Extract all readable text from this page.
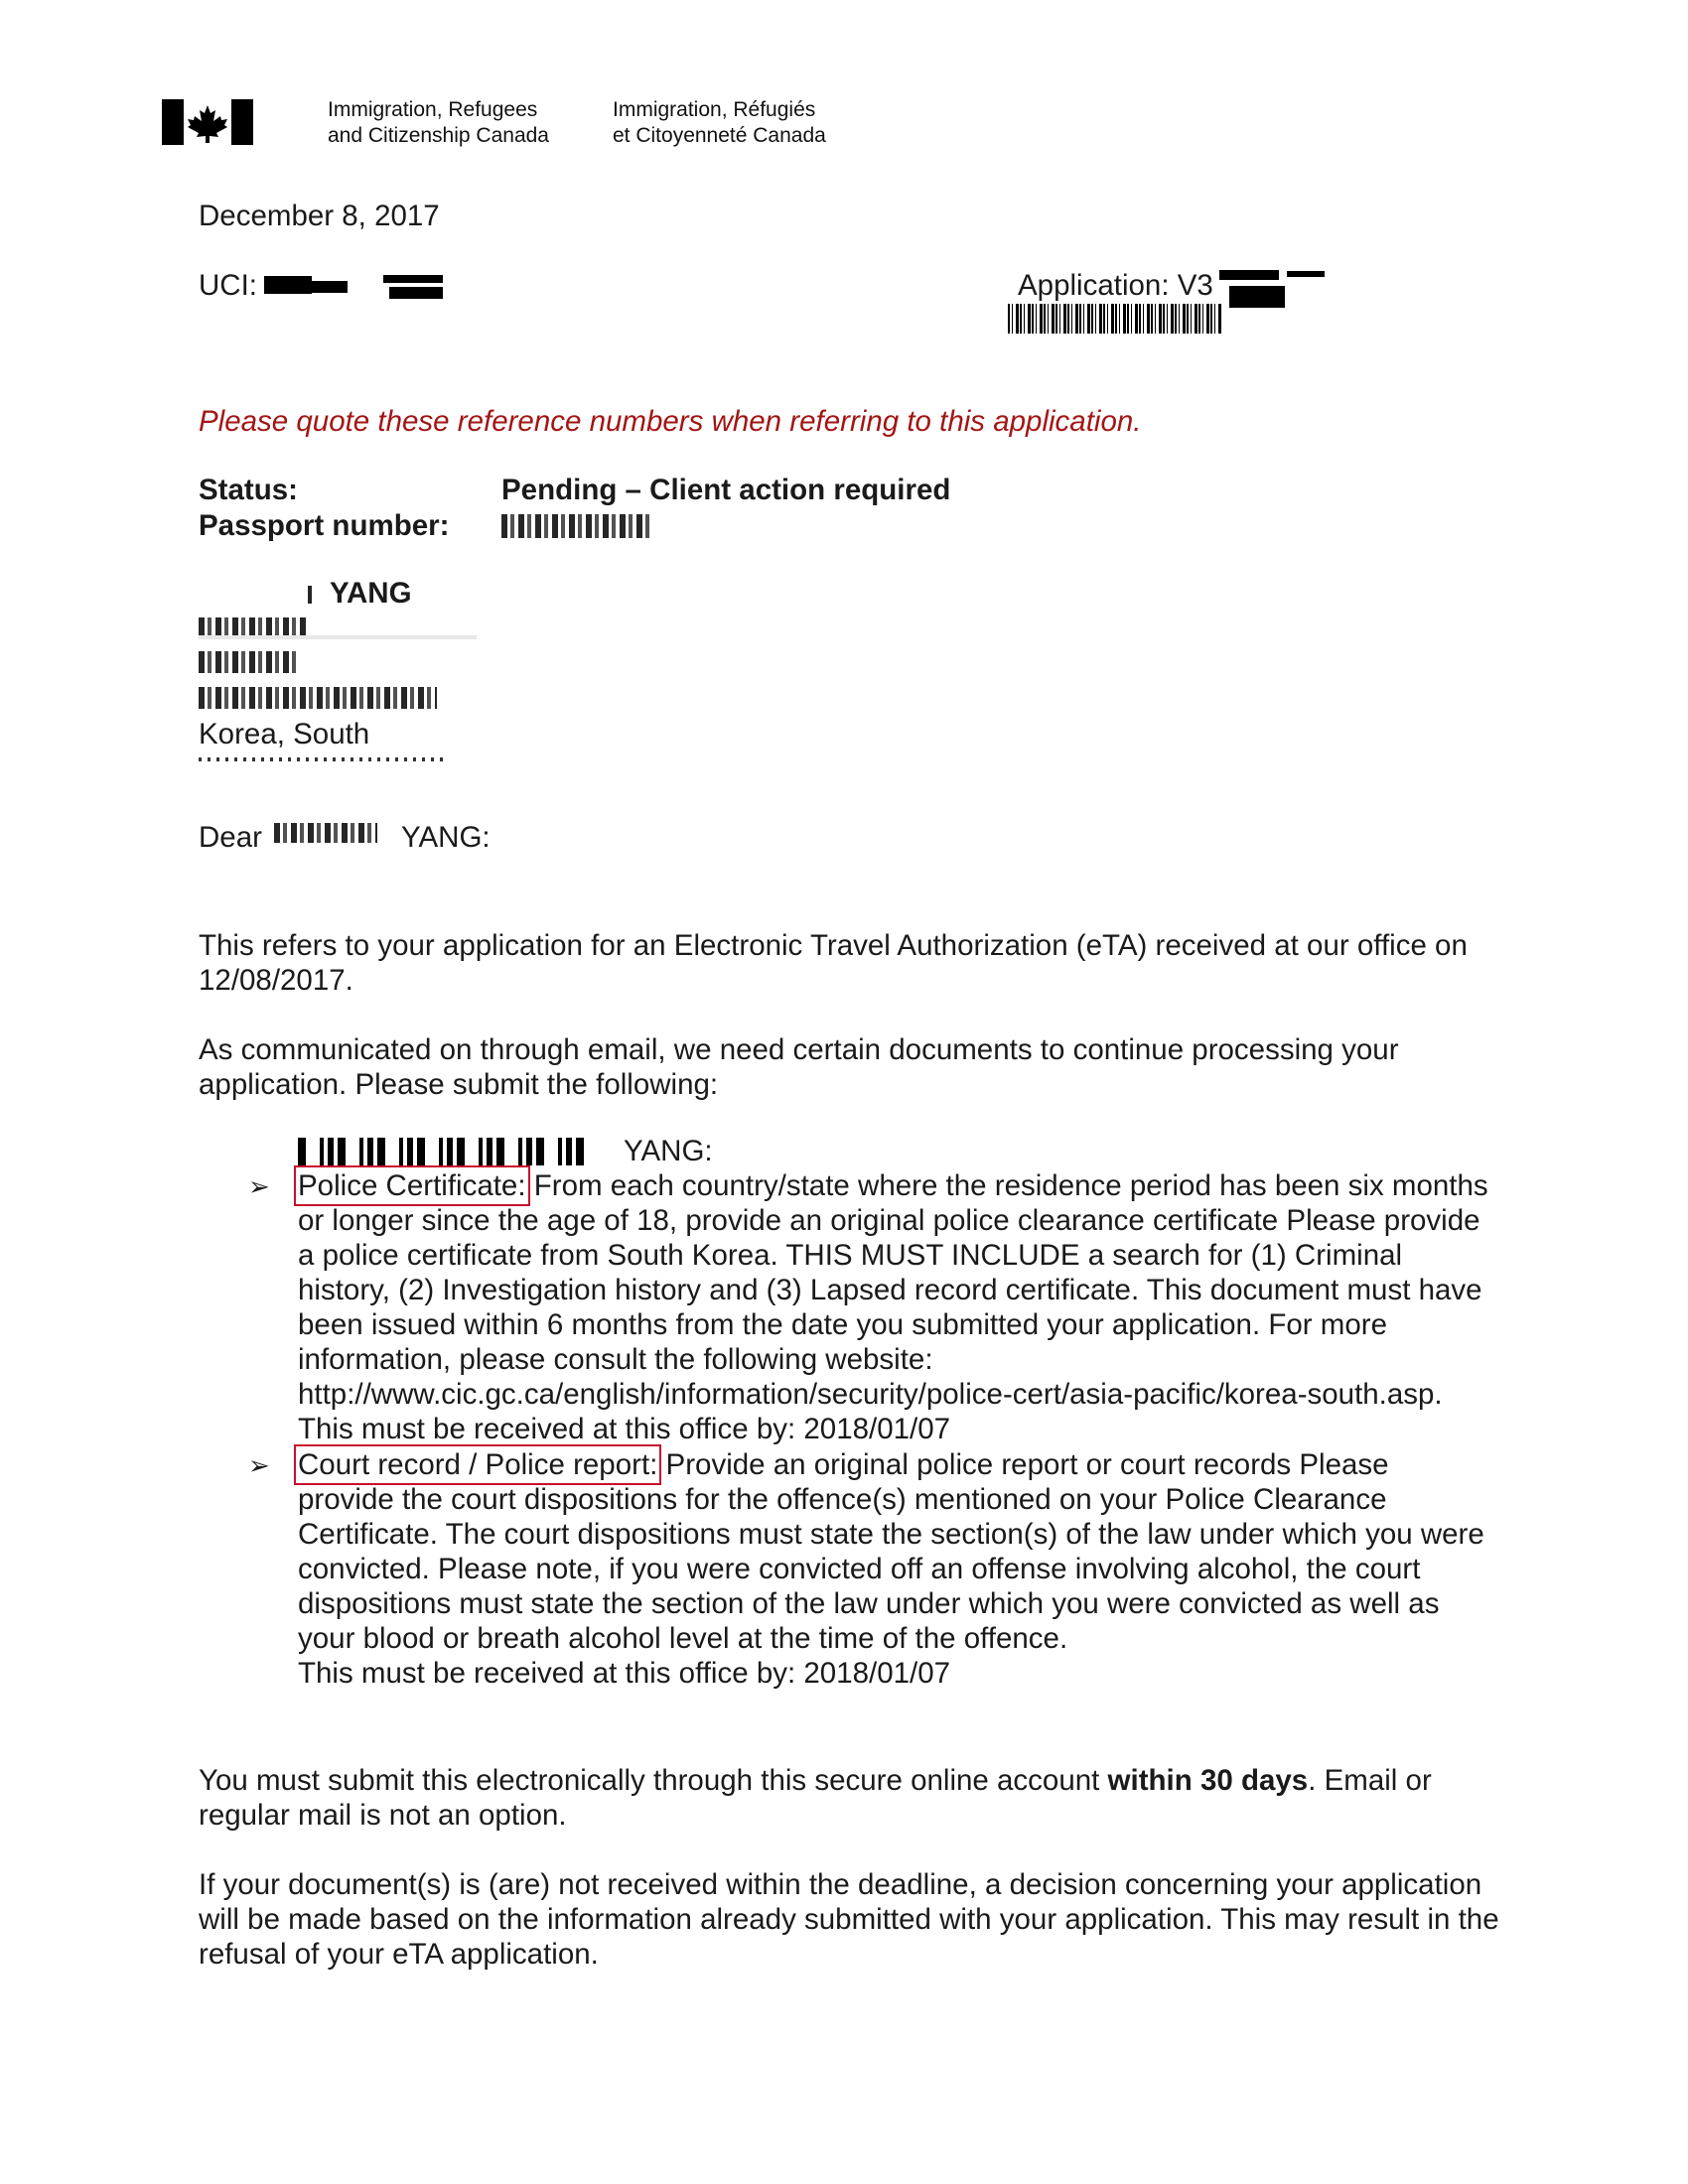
Immigration, Refugees
and Citizenship Canada
Immigration, Réfugiés
et Citoyenneté Canada
December 8, 2017
UCI:	Application: V3
Please quote these reference numbers when referring to this application.
Status:	Pending – Client action required
Passport number:
YANG
Korea, South
Dear	YANG:
This refers to your application for an Electronic Travel Authorization (eTA) received at our office on 12/08/2017.
As communicated on through email, we need certain documents to continue processing your application. Please submit the following:
YANG:
➢ Police Certificate: From each country/state where the residence period has been six months or longer since the age of 18, provide an original police clearance certificate Please provide a police certificate from South Korea. THIS MUST INCLUDE a search for (1) Criminal history, (2) Investigation history and (3) Lapsed record certificate. This document must have been issued within 6 months from the date you submitted your application. For more information, please consult the following website: http://www.cic.gc.ca/english/information/security/police-cert/asia-pacific/korea-south.asp.
This must be received at this office by: 2018/01/07
➢ Court record / Police report: Provide an original police report or court records Please provide the court dispositions for the offence(s) mentioned on your Police Clearance Certificate. The court dispositions must state the section(s) of the law under which you were convicted. Please note, if you were convicted off an offense involving alcohol, the court dispositions must state the section of the law under which you were convicted as well as your blood or breath alcohol level at the time of the offence.
This must be received at this office by: 2018/01/07
You must submit this electronically through this secure online account within 30 days. Email or regular mail is not an option.
If your document(s) is (are) not received within the deadline, a decision concerning your application will be made based on the information already submitted with your application. This may result in the refusal of your eTA application.
